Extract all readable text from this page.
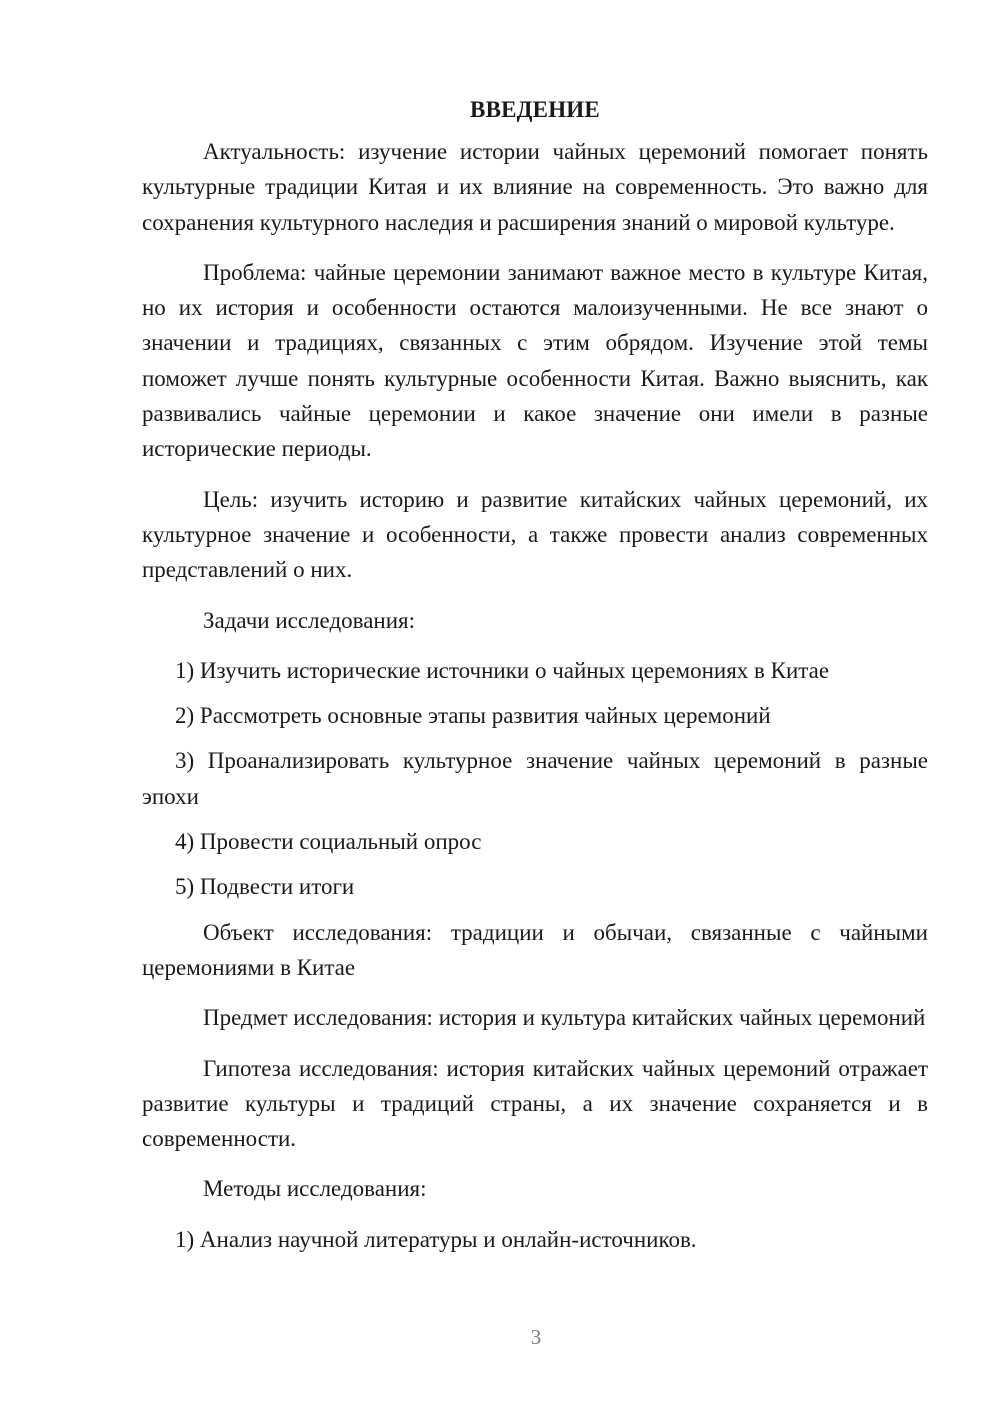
ВВЕДЕНИЕ

Актуальность: изучение истории чайных церемоний помогает понять культурные традиции Китая и их влияние на современность. Это важно для сохранения культурного наследия и расширения знаний о мировой культуре.

Проблема: чайные церемонии занимают важное место в культуре Китая, но их история и особенности остаются малоизученными. Не все знают о значении и традициях, связанных с этим обрядом. Изучение этой темы поможет лучше понять культурные особенности Китая. Важно выяснить, как развивались чайные церемонии и какое значение они имели в разные исторические периоды.

Цель: изучить историю и развитие китайских чайных церемоний, их культурное значение и особенности, а также провести анализ современных представлений о них.

Задачи исследования:

1) Изучить исторические источники о чайных церемониях в Китае

2) Рассмотреть основные этапы развития чайных церемоний

3) Проанализировать культурное значение чайных церемоний в разные эпохи

4) Провести социальный опрос

5) Подвести итоги

Объект исследования: традиции и обычаи, связанные с чайными церемониями в Китае

Предмет исследования: история и культура китайских чайных церемоний

Гипотеза исследования: история китайских чайных церемоний отражает развитие культуры и традиций страны, а их значение сохраняется и в современности.

Методы исследования:

1) Анализ научной литературы и онлайн-источников.

3
